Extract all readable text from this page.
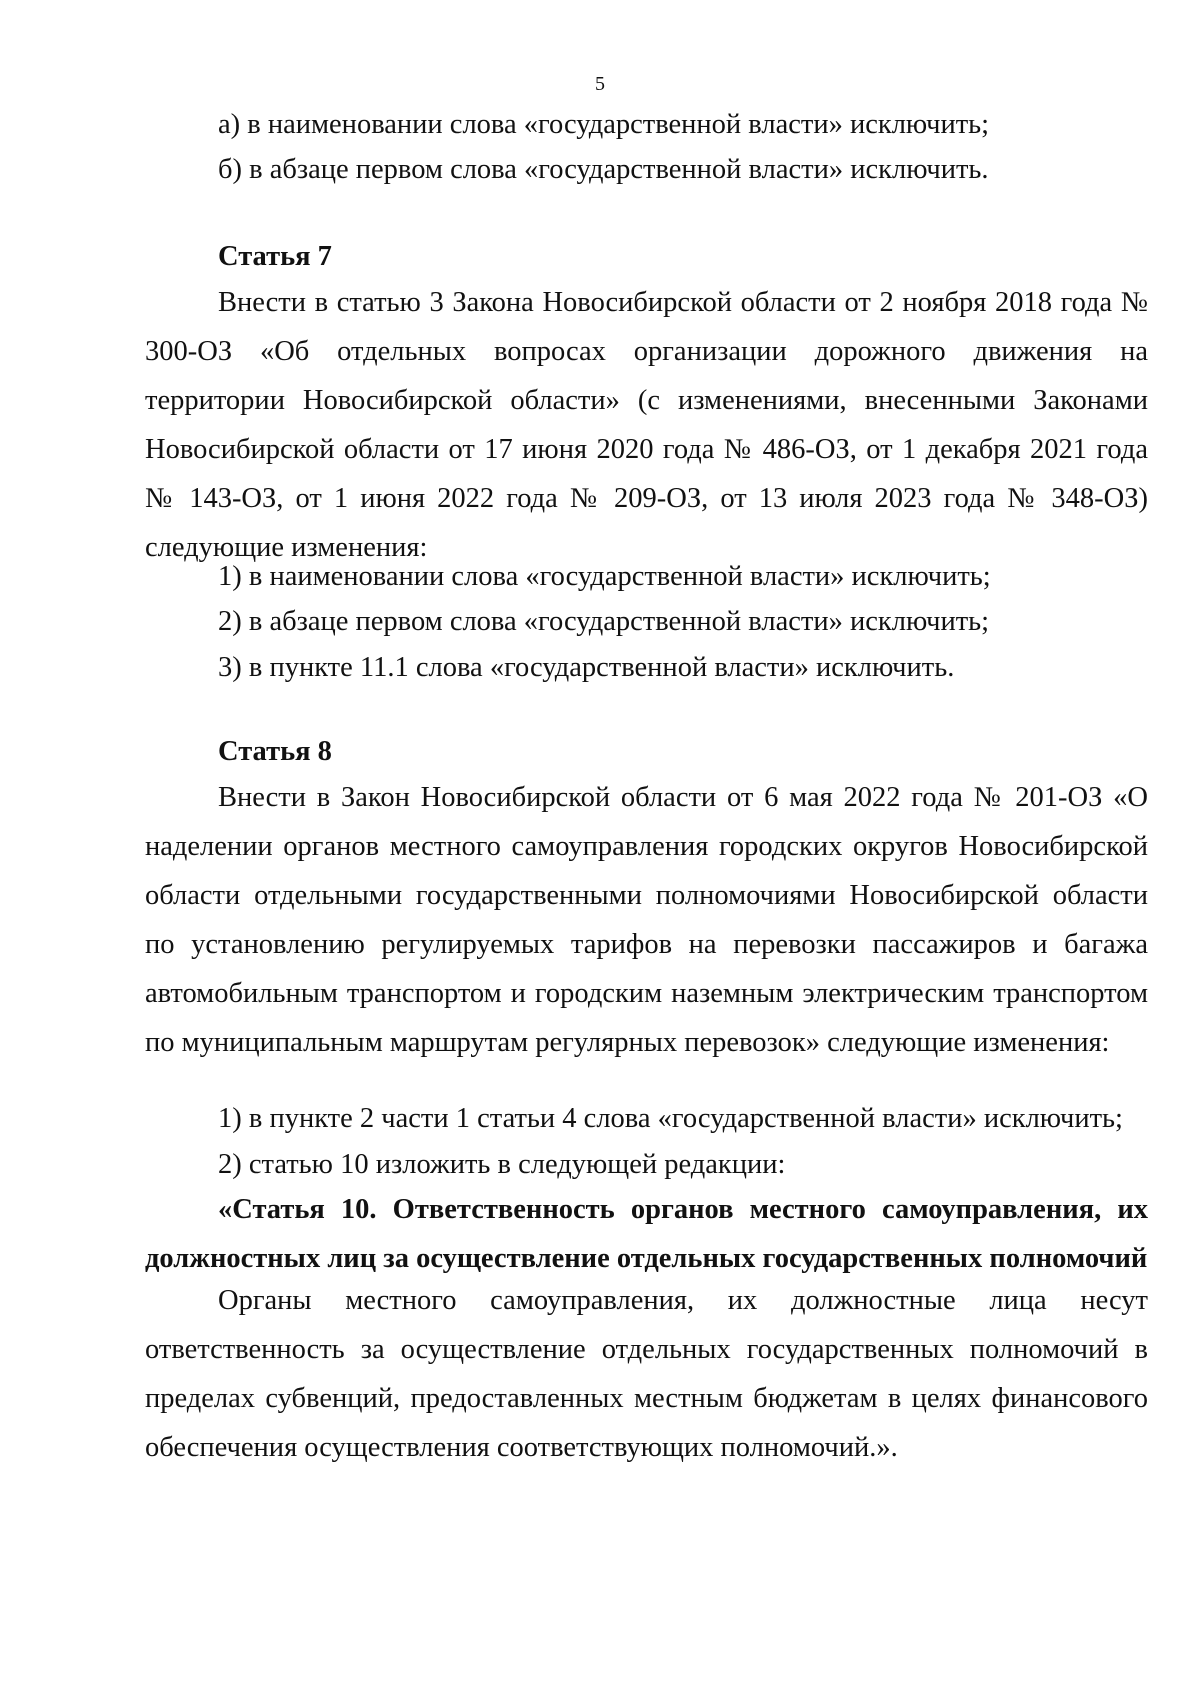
5

а) в наименовании слова «государственной власти» исключить;

б) в абзаце первом слова «государственной власти» исключить.

Статья 7

Внести в статью 3 Закона Новосибирской области от 2 ноября 2018 года № 300-ОЗ «Об отдельных вопросах организации дорожного движения на территории Новосибирской области» (с изменениями, внесенными Законами Новосибирской области от 17 июня 2020 года № 486-ОЗ, от 1 декабря 2021 года № 143-ОЗ, от 1 июня 2022 года № 209-ОЗ, от 13 июля 2023 года № 348-ОЗ) следующие изменения:

1) в наименовании слова «государственной власти» исключить;

2) в абзаце первом слова «государственной власти» исключить;

3) в пункте 11.1 слова «государственной власти» исключить.

Статья 8

Внести в Закон Новосибирской области от 6 мая 2022 года № 201-ОЗ «О наделении органов местного самоуправления городских округов Новосибирской области отдельными государственными полномочиями Новосибирской области по установлению регулируемых тарифов на перевозки пассажиров и багажа автомобильным транспортом и городским наземным электрическим транспортом по муниципальным маршрутам регулярных перевозок» следующие изменения:

1) в пункте 2 части 1 статьи 4 слова «государственной власти» исключить;

2) статью 10 изложить в следующей редакции:

«Статья 10. Ответственность органов местного самоуправления, их должностных лиц за осуществление отдельных государственных полномочий

Органы местного самоуправления, их должностные лица несут ответственность за осуществление отдельных государственных полномочий в пределах субвенций, предоставленных местным бюджетам в целях финансового обеспечения осуществления соответствующих полномочий.».
